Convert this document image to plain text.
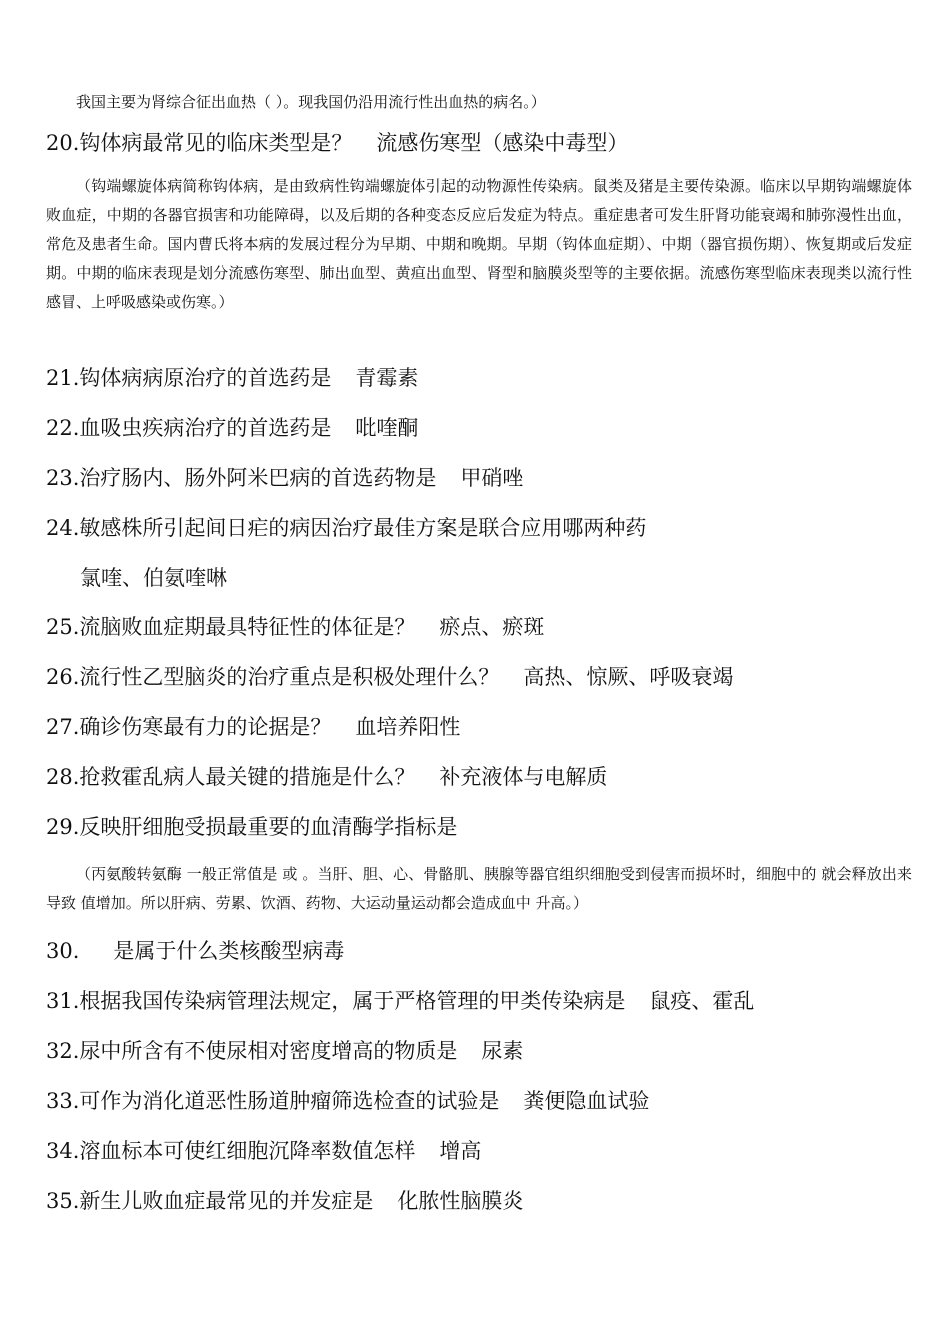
我国主要为肾综合征出血热（ ）。现我国仍沿用流行性出血热的病名。）

20.钩体病最常见的临床类型是？ 流感伤寒型（感染中毒型）

（钩端螺旋体病简称钩体病，是由致病性钩端螺旋体引起的动物源性传染病。鼠类及猪是主要传染源。临床以早期钩端螺旋体败血症，中期的各器官损害和功能障碍，以及后期的各种变态反应后发症为特点。重症患者可发生肝肾功能衰竭和肺弥漫性出血，常危及患者生命。国内曹氏将本病的发展过程分为早期、中期和晚期。早期（钩体血症期）、中期（器官损伤期）、恢复期或后发症期。中期的临床表现是划分流感伤寒型、肺出血型、黄疸出血型、肾型和脑膜炎型等的主要依据。流感伤寒型临床表现类以流行性感冒、上呼吸感染或伤寒。）

21.钩体病病原治疗的首选药是 青霉素

22.血吸虫疾病治疗的首选药是 吡喹酮

23.治疗肠内、肠外阿米巴病的首选药物是 甲硝唑

24.敏感株所引起间日疟的病因治疗最佳方案是联合应用哪两种药

氯喹、伯氨喹啉

25.流脑败血症期最具特征性的体征是？ 瘀点、瘀斑

26.流行性乙型脑炎的治疗重点是积极处理什么？ 高热、惊厥、呼吸衰竭

27.确诊伤寒最有力的论据是？ 血培养阳性

28.抢救霍乱病人最关键的措施是什么？ 补充液体与电解质

29.反映肝细胞受损最重要的血清酶学指标是

（丙氨酸转氨酶 一般正常值是 或 。当肝、胆、心、骨骼肌、胰腺等器官组织细胞受到侵害而损坏时，细胞中的 就会释放出来导致 值增加。所以肝病、劳累、饮酒、药物、大运动量运动都会造成血中 升高。）

30. 是属于什么类核酸型病毒

31.根据我国传染病管理法规定，属于严格管理的甲类传染病是 鼠疫、霍乱

32.尿中所含有不使尿相对密度增高的物质是 尿素

33.可作为消化道恶性肠道肿瘤筛选检查的试验是 粪便隐血试验

34.溶血标本可使红细胞沉降率数值怎样 增高

35.新生儿败血症最常见的并发症是 化脓性脑膜炎
